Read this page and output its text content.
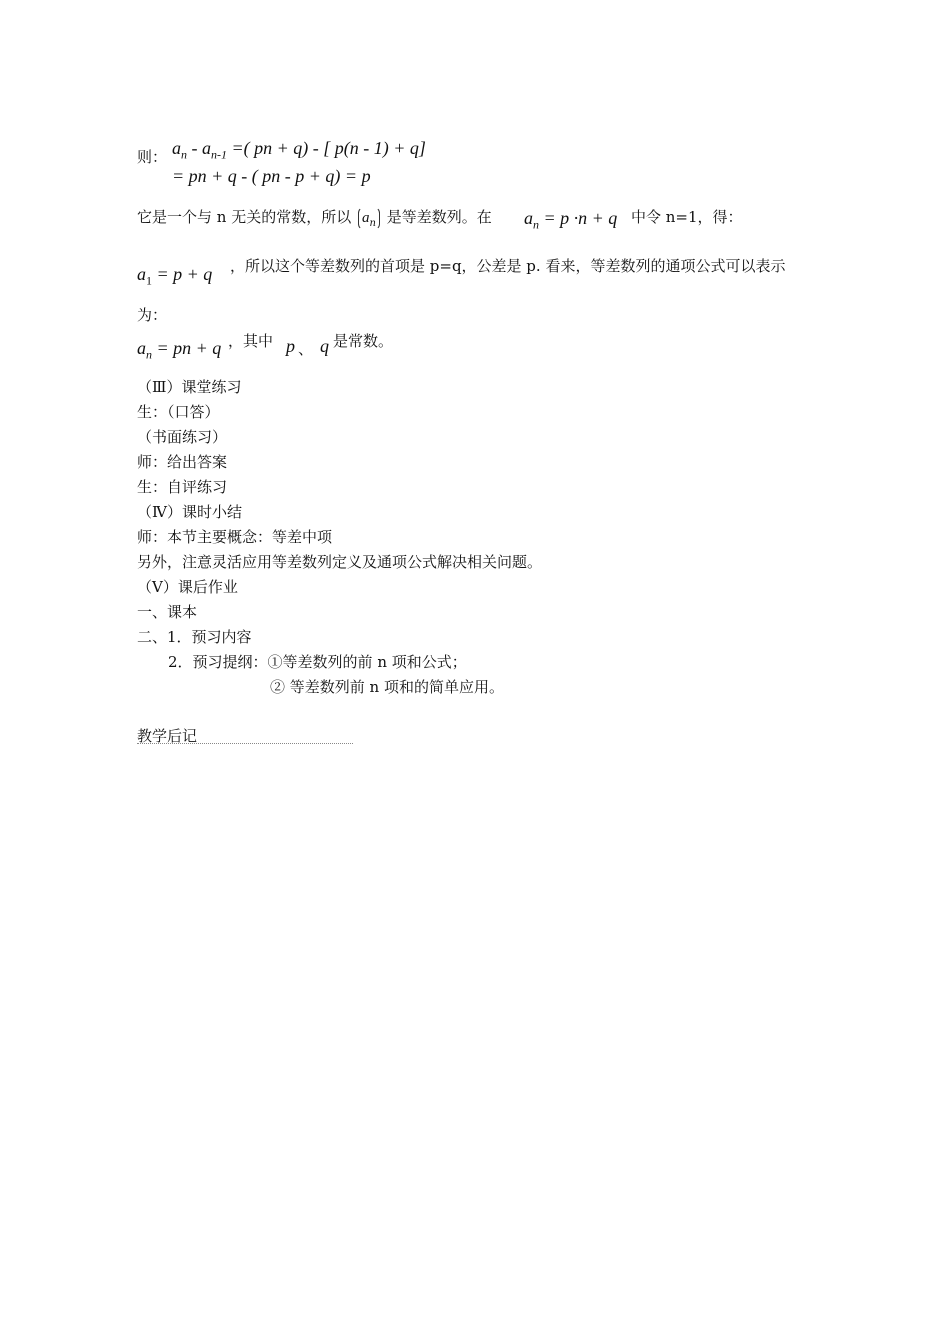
则： $a_n - a_{n-1}$ =( pn + q) - [ p(n - 1) + q]
= pn + q - ( pn - p + q) = p
它是一个与 n 无关的常数，所以 $a_n$ 是等差数列。在 $a_n = p \cdot n + q$ 中令 n=1，得：
$a_1 = p + q$ ，所以这个等差数列的首项是 p=q，公差是 p. 看来，等差数列的通项公式可以表示
为：
$a_n$ = pn + q ，其中 p 、 q 是常数。
（Ⅲ）课堂练习
生：（口答）
（书面练习）
师：给出答案
生：自评练习
（Ⅳ）课时小结
师：本节主要概念：等差中项
另外，注意灵活应用等差数列定义及通项公式解决相关问题。
（Ⅴ）课后作业
一、课本
二、1．预习内容
2．预习提纲：①等差数列的前 n 项和公式；
② 等差数列前 n 项和的简单应用。
教学后记
